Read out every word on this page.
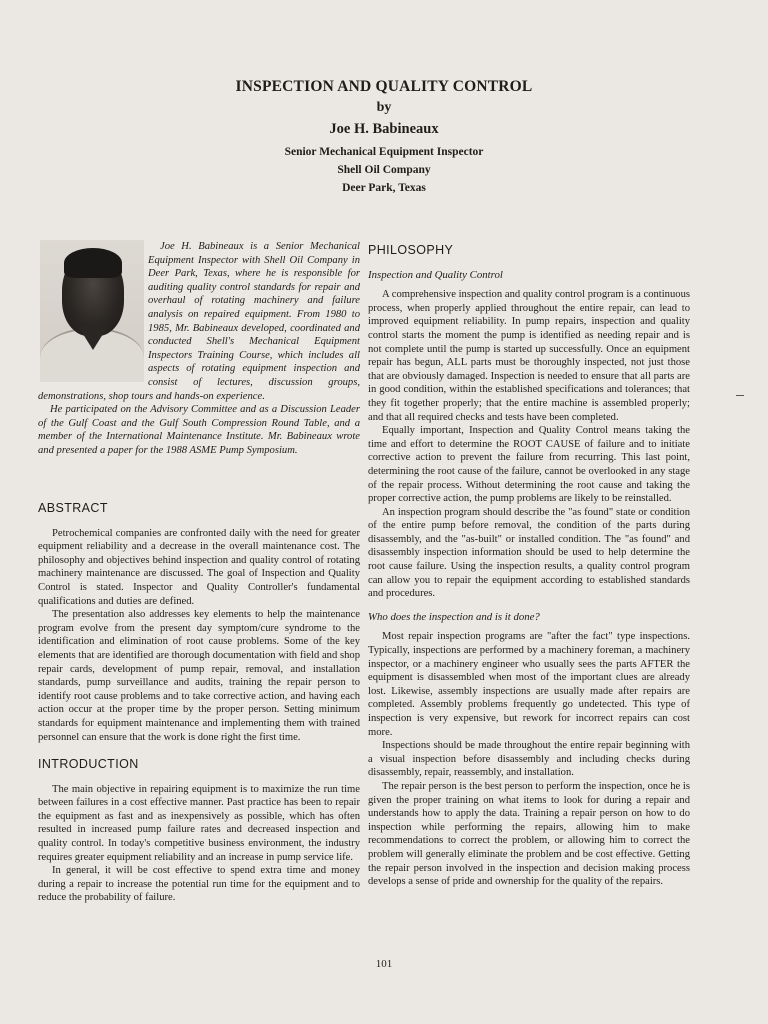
INSPECTION AND QUALITY CONTROL
by
Joe H. Babineaux
Senior Mechanical Equipment Inspector
Shell Oil Company
Deer Park, Texas

Joe H. Babineaux is a Senior Mechanical Equipment Inspector with Shell Oil Company in Deer Park, Texas, where he is responsible for auditing quality control standards for repair and overhaul of rotating machinery and failure analysis on repaired equipment. From 1980 to 1985, Mr. Babineaux developed, coordinated and conducted Shell's Mechanical Equipment Inspectors Training Course, which includes all aspects of rotating equipment inspection and consist of lectures, discussion groups, demonstrations, shop tours and hands-on experience.

He participated on the Advisory Committee and as a Discussion Leader of the Gulf Coast and the Gulf South Compression Round Table, and a member of the International Maintenance Institute. Mr. Babineaux wrote and presented a paper for the 1988 ASME Pump Symposium.

ABSTRACT

Petrochemical companies are confronted daily with the need for greater equipment reliability and a decrease in the overall maintenance cost. The philosophy and objectives behind inspection and quality control of rotating machinery maintenance are discussed. The goal of Inspection and Quality Control is stated. Inspector and Quality Controller's fundamental qualifications and duties are defined.

The presentation also addresses key elements to help the maintenance program evolve from the present day symptom/cure syndrome to the identification and elimination of root cause problems. Some of the key elements that are identified are thorough documentation with field and shop repair cards, development of pump repair, removal, and installation standards, pump surveillance and audits, training the repair person to identify root cause problems and to take corrective action, and having each action occur at the proper time by the proper person. Setting minimum standards for equipment maintenance and implementing them with trained personnel can ensure that the work is done right the first time.

INTRODUCTION

The main objective in repairing equipment is to maximize the run time between failures in a cost effective manner. Past practice has been to repair the equipment as fast and as inexpensively as possible, which has often resulted in increased pump failure rates and decreased inspection and quality control. In today's competitive business environment, the industry requires greater equipment reliability and an increase in pump service life.

In general, it will be cost effective to spend extra time and money during a repair to increase the potential run time for the equipment and to reduce the probability of failure.

PHILOSOPHY
Inspection and Quality Control

A comprehensive inspection and quality control program is a continuous process, when properly applied throughout the entire repair, can lead to improved equipment reliability. In pump repairs, inspection and quality control starts the moment the pump is identified as needing repair and is not complete until the pump is started up successfully. Once an equipment repair has begun, ALL parts must be thoroughly inspected, not just those that are obviously damaged. Inspection is needed to ensure that all parts are in good condition, within the established specifications and tolerances; that they fit together properly; that the entire machine is assembled properly; and that all required checks and tests have been completed.

Equally important, Inspection and Quality Control means taking the time and effort to determine the ROOT CAUSE of failure and to initiate corrective action to prevent the failure from recurring. This last point, determining the root cause of the failure, cannot be overlooked in any stage of the repair process. Without determining the root cause and taking the proper corrective action, the pump problems are likely to be reinstalled.

An inspection program should describe the "as found" state or condition of the entire pump before removal, the condition of the parts during disassembly, and the "as-built" or installed condition. The "as found" and disassembly inspection information should be used to help determine the root cause failure. Using the inspection results, a quality control program can allow you to repair the equipment according to established standards and procedures.

Who does the inspection and is it done?

Most repair inspection programs are "after the fact" type inspections. Typically, inspections are performed by a machinery foreman, a machinery inspector, or a machinery engineer who usually sees the parts AFTER the equipment is disassembled when most of the important clues are already lost. Likewise, assembly inspections are usually made after repairs are completed. Assembly problems frequently go undetected. This type of inspection is very expensive, but rework for incorrect repairs can cost more.

Inspections should be made throughout the entire repair beginning with a visual inspection before disassembly and including checks during disassembly, repair, reassembly, and installation.

The repair person is the best person to perform the inspection, once he is given the proper training on what items to look for during a repair and understands how to apply the data. Training a repair person on how to do inspection while performing the repairs, allowing him to make recommendations to correct the problem, or allowing him to correct the problem will generally eliminate the problem and be cost effective. Getting the repair person involved in the inspection and decision making process develops a sense of pride and ownership for the quality of the repairs.

101
